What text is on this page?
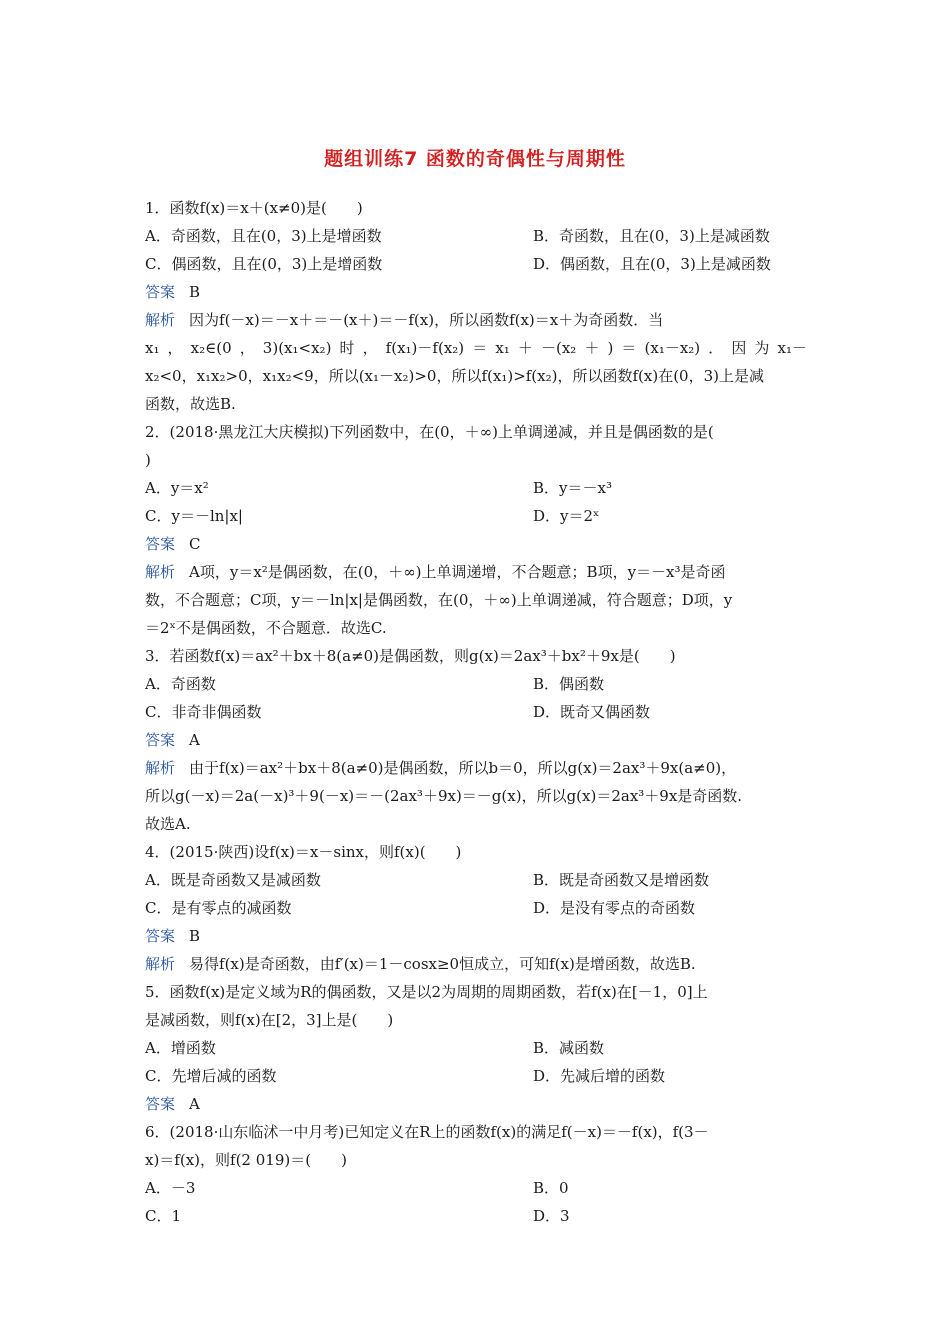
题组训练7 函数的奇偶性与周期性
1．函数f(x)＝x＋(x≠0)是(　　)
A．奇函数，且在(0，3)上是增函数	B．奇函数，且在(0，3)上是减函数
C．偶函数，且在(0，3)上是增函数	D．偶函数，且在(0，3)上是减函数
答案 B
解析 因为f(－x)＝－x＋＝－(x＋)＝－f(x)，所以函数f(x)＝x＋为奇函数．当
x₁，x₂∈(0，3)(x₁<x₂)时，f(x₁)－f(x₂)＝x₁＋－(x₂＋)＝(x₁－x₂)．因为x₁－
x₂<0，x₁x₂>0，x₁x₂<9，所以(x₁－x₂)>0，所以f(x₁)>f(x₂)，所以函数f(x)在(0，3)上是减
函数，故选B.
2．(2018·黑龙江大庆模拟)下列函数中，在(0，＋∞)上单调递减，并且是偶函数的是(
)
A．y＝x²	B．y＝－x³
C．y＝－ln|x|	D．y＝2ˣ
答案 C
解析 A项，y＝x²是偶函数，在(0，＋∞)上单调递增，不合题意；B项，y＝－x³是奇函
数，不合题意；C项，y＝－ln|x|是偶函数，在(0，＋∞)上单调递减，符合题意；D项，y
＝2ˣ不是偶函数，不合题意．故选C.
3．若函数f(x)＝ax²＋bx＋8(a≠0)是偶函数，则g(x)＝2ax³＋bx²＋9x是(　　)
A．奇函数	B．偶函数
C．非奇非偶函数	D．既奇又偶函数
答案 A
解析 由于f(x)＝ax²＋bx＋8(a≠0)是偶函数，所以b＝0，所以g(x)＝2ax³＋9x(a≠0)，
所以g(－x)＝2a(－x)³＋9(－x)＝－(2ax³＋9x)＝－g(x)，所以g(x)＝2ax³＋9x是奇函数.
故选A.
4．(2015·陕西)设f(x)＝x－sinx，则f(x)(　　)
A．既是奇函数又是减函数	B．既是奇函数又是增函数
C．是有零点的减函数	D．是没有零点的奇函数
答案 B
解析 易得f(x)是奇函数，由f′(x)＝1－cosx≥0恒成立，可知f(x)是增函数，故选B.
5．函数f(x)是定义域为R的偶函数，又是以2为周期的周期函数，若f(x)在[－1，0]上
是减函数，则f(x)在[2，3]上是(　　)
A．增函数	B．减函数
C．先增后减的函数	D．先减后增的函数
答案 A
6．(2018·山东临沭一中月考)已知定义在R上的函数f(x)的满足f(－x)＝－f(x)，f(3－
x)＝f(x)，则f(2 019)＝(　　)
A．－3	B．0
C．1	D．3
